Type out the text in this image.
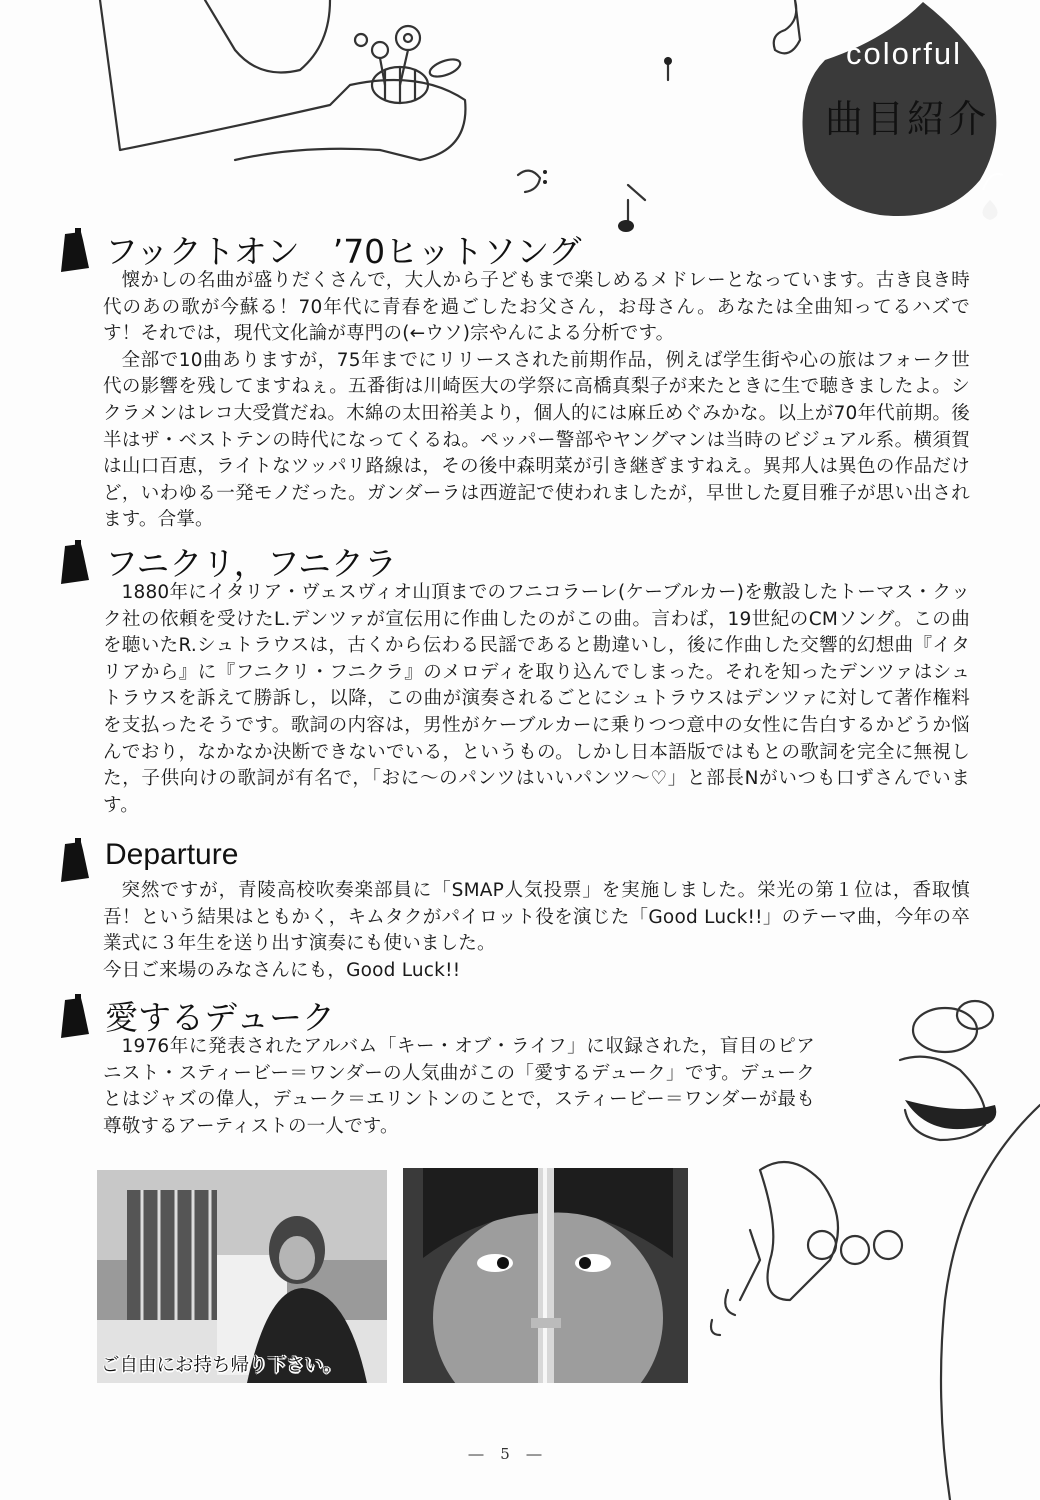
colorful
曲目紹介
フックトオン　’70ヒットソング

懐かしの名曲が盛りだくさんで，大人から子どもまで楽しめるメドレーとなっています。古き良き時代のあの歌が今蘇る！70年代に青春を過ごしたお父さん，お母さん。あなたは全曲知ってるハズです！それでは，現代文化論が専門の(←ウソ)宗やんによる分析です。

全部で10曲ありますが，75年までにリリースされた前期作品，例えば学生街や心の旅はフォーク世代の影響を残してますねぇ。五番街は川崎医大の学祭に高橋真梨子が来たときに生で聴きましたよ。シクラメンはレコ大受賞だね。木綿の太田裕美より，個人的には麻丘めぐみかな。以上が70年代前期。後半はザ・ベストテンの時代になってくるね。ペッパー警部やヤングマンは当時のビジュアル系。横須賀は山口百恵，ライトなツッパリ路線は，その後中森明菜が引き継ぎますねえ。異邦人は異色の作品だけど，いわゆる一発モノだった。ガンダーラは西遊記で使われましたが，早世した夏目雅子が思い出されます。合掌。

フニクリ，フニクラ

1880年にイタリア・ヴェスヴィオ山頂までのフニコラーレ(ケーブルカー)を敷設したトーマス・クック社の依頼を受けたL.デンツァが宣伝用に作曲したのがこの曲。言わば，19世紀のCMソング。この曲を聴いたR.シュトラウスは，古くから伝わる民謡であると勘違いし，後に作曲した交響的幻想曲『イタリアから』に『フニクリ・フニクラ』のメロディを取り込んでしまった。それを知ったデンツァはシュトラウスを訴えて勝訴し，以降，この曲が演奏されるごとにシュトラウスはデンツァに対して著作権料を支払ったそうです。歌詞の内容は，男性がケーブルカーに乗りつつ意中の女性に告白するかどうか悩んでおり，なかなか決断できないでいる，というもの。しかし日本語版ではもとの歌詞を完全に無視した，子供向けの歌詞が有名で，「おに～のパンツはいいパンツ～♡」と部長Nがいつも口ずさんでいます。

Departure

突然ですが，青陵高校吹奏楽部員に「SMAP人気投票」を実施しました。栄光の第１位は，香取慎吾！という結果はともかく，キムタクがパイロット役を演じた「Good Luck!!」のテーマ曲，今年の卒業式に３年生を送り出す演奏にも使いました。

今日ご来場のみなさんにも，Good Luck!!

愛するデューク

1976年に発表されたアルバム「キー・オブ・ライフ」に収録された，盲目のピアニスト・スティービー＝ワンダーの人気曲がこの「愛するデューク」です。デュークとはジャズの偉人，デューク＝エリントンのことで，スティービー＝ワンダーが最も尊敬するアーティストの一人です。

ご自由にお持ち帰り下さい。
― 5 ―
